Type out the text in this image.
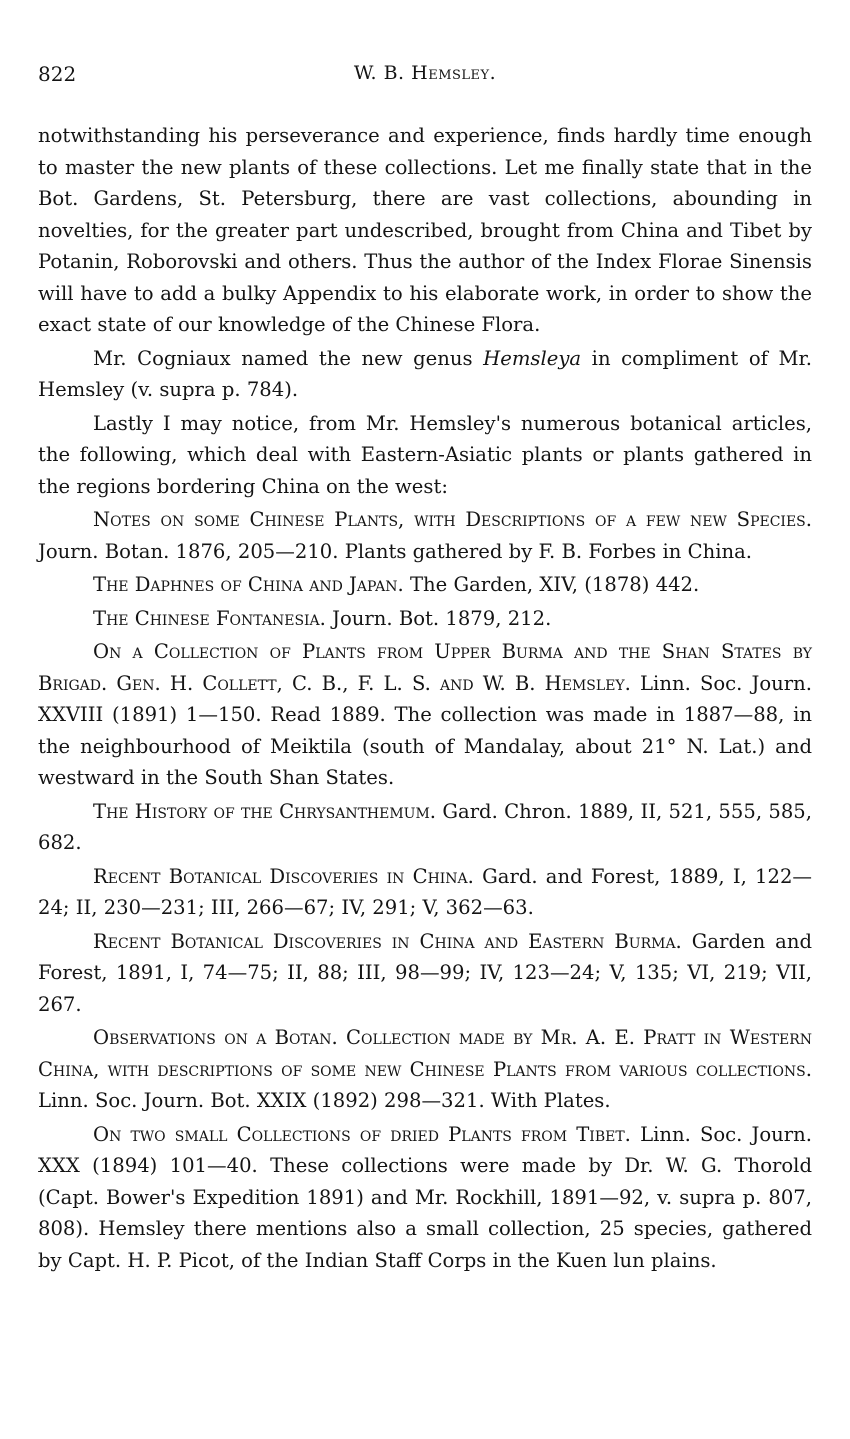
822	W. B. Hemsley.

notwithstanding his perseverance and experience, finds hardly time enough to master the new plants of these collections. Let me finally state that in the Bot. Gardens, St. Petersburg, there are vast collections, abounding in novelties, for the greater part undescribed, brought from China and Tibet by Potanin, Roborovski and others. Thus the author of the Index Florae Sinensis will have to add a bulky Appendix to his elaborate work, in order to show the exact state of our knowledge of the Chinese Flora.

Mr. Cogniaux named the new genus Hemsleya in compliment of Mr. Hemsley (v. supra p. 784).

Lastly I may notice, from Mr. Hemsley's numerous botanical articles, the following, which deal with Eastern-Asiatic plants or plants gathered in the regions bordering China on the west:

Notes on some Chinese Plants, with Descriptions of a few new Species. Journ. Botan. 1876, 205—210. Plants gathered by F. B. Forbes in China.

The Daphnes of China and Japan. The Garden, XIV, (1878) 442.

The Chinese Fontanesia. Journ. Bot. 1879, 212.

On a Collection of Plants from Upper Burma and the Shan States by Brigad. Gen. H. Collett, C. B., F. L. S. and W. B. Hemsley. Linn. Soc. Journ. XXVIII (1891) 1—150. Read 1889. The collection was made in 1887—88, in the neighbourhood of Meiktila (south of Mandalay, about 21° N. Lat.) and westward in the South Shan States.

The History of the Chrysanthemum. Gard. Chron. 1889, II, 521, 555, 585, 682.

Recent Botanical Discoveries in China. Gard. and Forest, 1889, I, 122—24; II, 230—231; III, 266—67; IV, 291; V, 362—63.

Recent Botanical Discoveries in China and Eastern Burma. Garden and Forest, 1891, I, 74—75; II, 88; III, 98—99; IV, 123—24; V, 135; VI, 219; VII, 267.

Observations on a Botan. Collection made by Mr. A. E. Pratt in Western China, with descriptions of some new Chinese Plants from various collections. Linn. Soc. Journ. Bot. XXIX (1892) 298—321. With Plates.

On two small Collections of dried Plants from Tibet. Linn. Soc. Journ. XXX (1894) 101—40. These collections were made by Dr. W. G. Thorold (Capt. Bower's Expedition 1891) and Mr. Rockhill, 1891—92, v. supra p. 807, 808). Hemsley there mentions also a small collection, 25 species, gathered by Capt. H. P. Picot, of the Indian Staff Corps in the Kuen lun plains.
